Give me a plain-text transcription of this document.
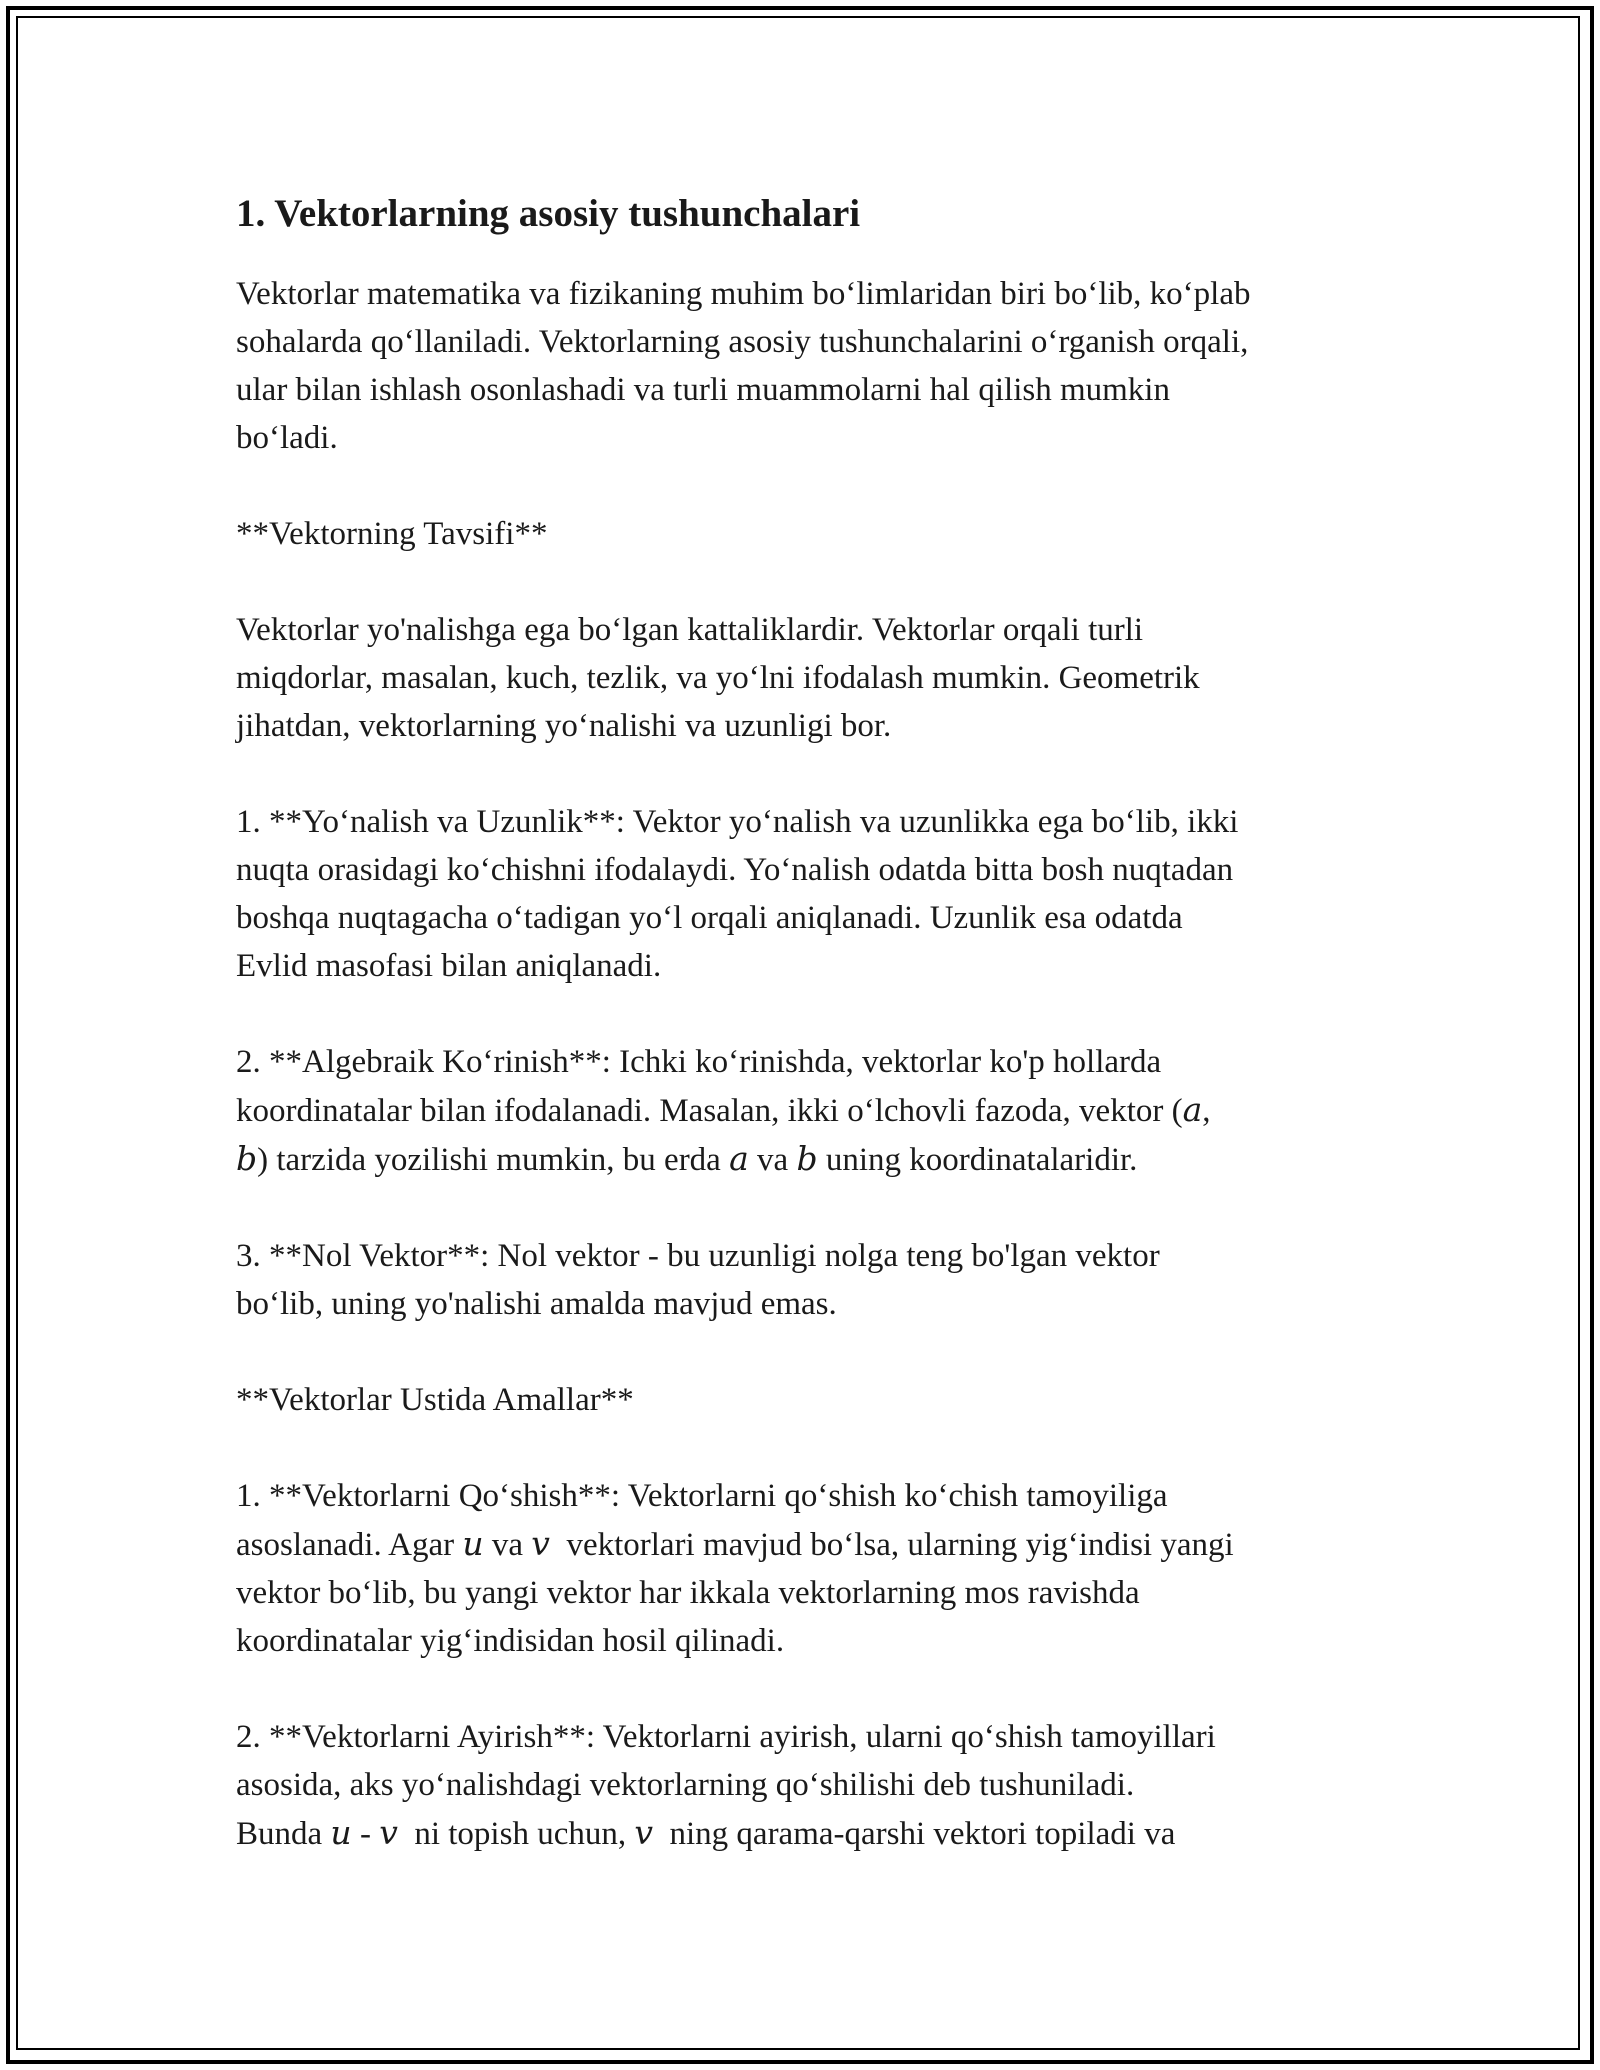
1. Vektorlarning asosiy tushunchalari

Vektorlar matematika va fizikaning muhim boʻlimlaridan biri boʻlib, koʻplab
sohalarda qoʻllaniladi. Vektorlarning asosiy tushunchalarini oʻrganish orqali,
ular bilan ishlash osonlashadi va turli muammolarni hal qilish mumkin
boʻladi.

**Vektorning Tavsifi**

Vektorlar yo'nalishga ega boʻlgan kattaliklardir. Vektorlar orqali turli
miqdorlar, masalan, kuch, tezlik, va yoʻlni ifodalash mumkin. Geometrik
jihatdan, vektorlarning yoʻnalishi va uzunligi bor.

1. **Yoʻnalish va Uzunlik**: Vektor yoʻnalish va uzunlikka ega boʻlib, ikki
nuqta orasidagi koʻchishni ifodalaydi. Yoʻnalish odatda bitta bosh nuqtadan
boshqa nuqtagacha oʻtadigan yoʻl orqali aniqlanadi. Uzunlik esa odatda
Evlid masofasi bilan aniqlanadi.

2. **Algebraik Koʻrinish**: Ichki koʻrinishda, vektorlar ko'p hollarda
koordinatalar bilan ifodalanadi. Masalan, ikki oʻlchovli fazoda, vektor (a,
b) tarzida yozilishi mumkin, bu erda a va b uning koordinatalaridir.

3. **Nol Vektor**: Nol vektor - bu uzunligi nolga teng bo'lgan vektor
boʻlib, uning yo'nalishi amalda mavjud emas.

**Vektorlar Ustida Amallar**

1. **Vektorlarni Qoʻshish**: Vektorlarni qoʻshish koʻchish tamoyiliga
asoslanadi. Agar u va v  vektorlari mavjud boʻlsa, ularning yigʻindisi yangi
vektor boʻlib, bu yangi vektor har ikkala vektorlarning mos ravishda
koordinatalar yigʻindisidan hosil qilinadi.

2. **Vektorlarni Ayirish**: Vektorlarni ayirish, ularni qoʻshish tamoyillari
asosida, aks yoʻnalishdagi vektorlarning qoʻshilishi deb tushuniladi.
Bunda u - v  ni topish uchun, v  ning qarama-qarshi vektori topiladi va
